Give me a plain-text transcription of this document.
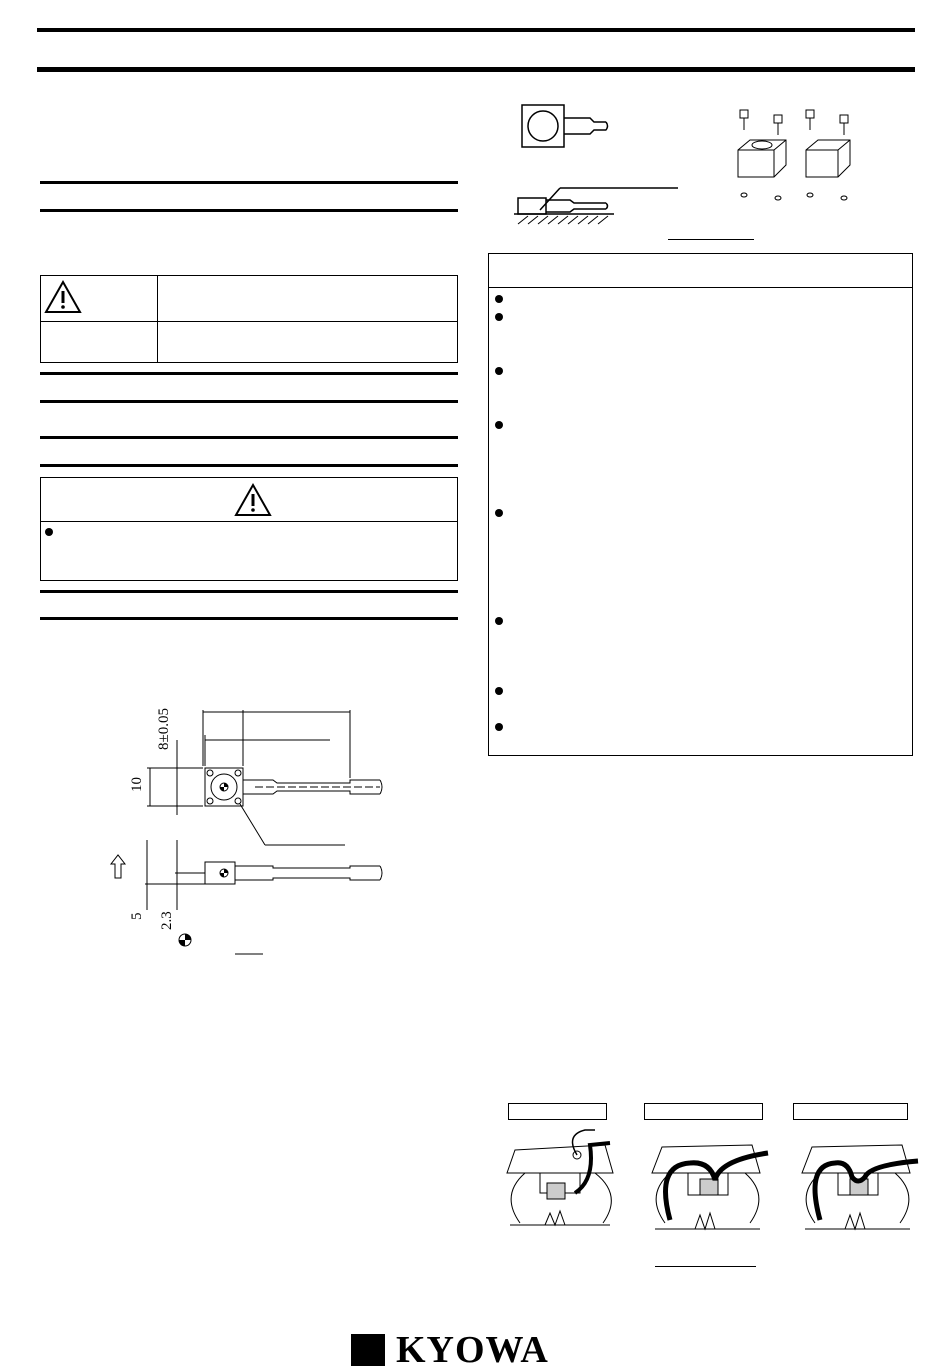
8±0.05
10
5 2.3
KYOWA
